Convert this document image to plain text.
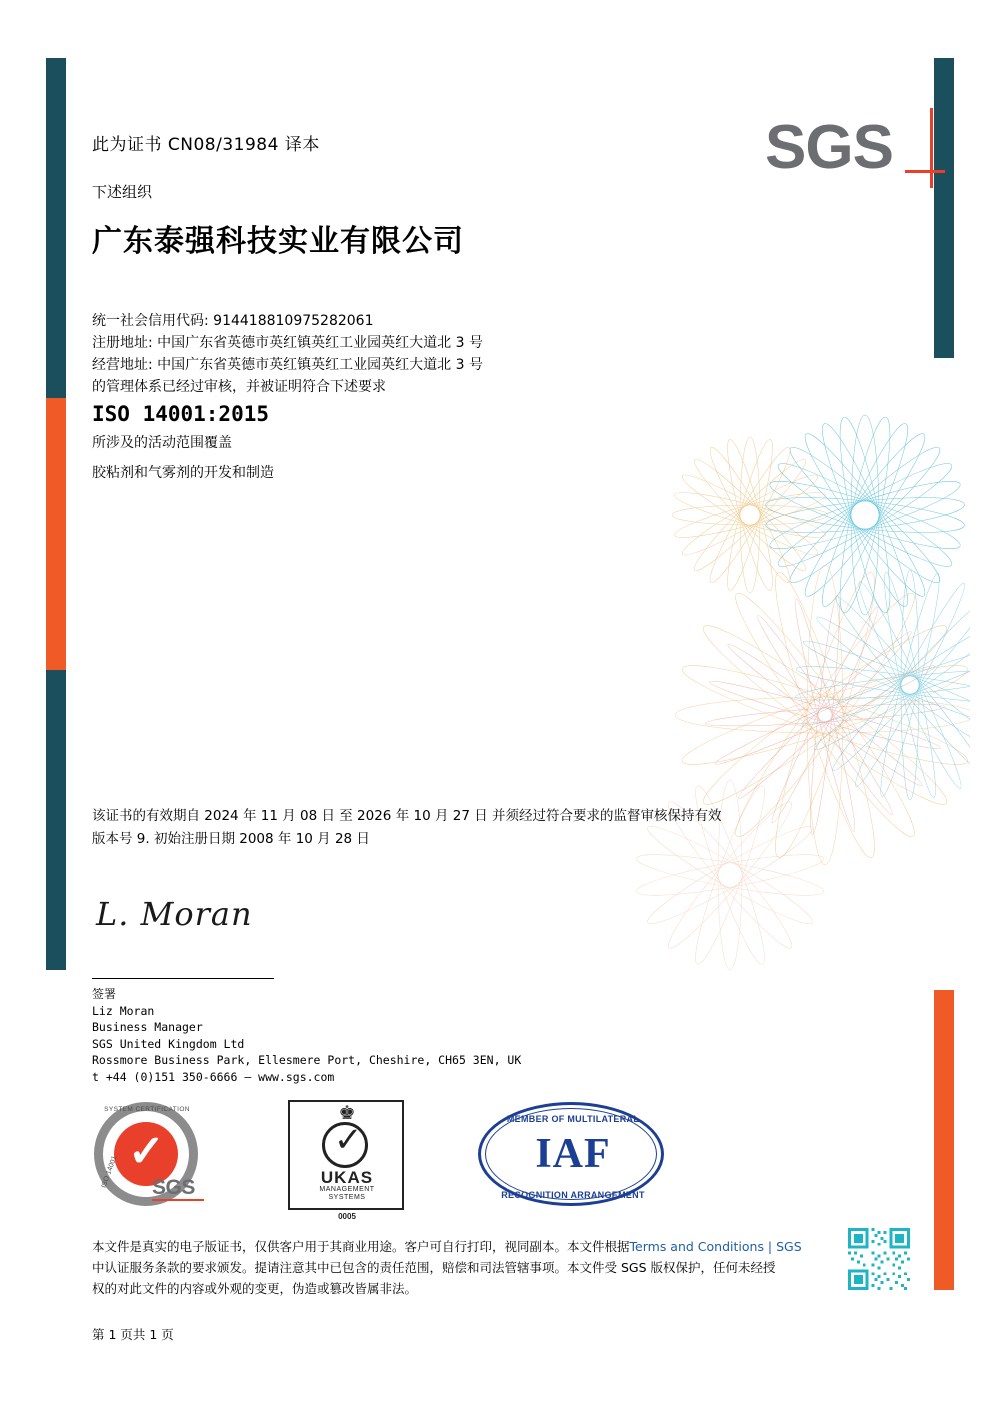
SGS
此为证书 CN08/31984 译本
下述组织
广东泰强科技实业有限公司
统一社会信用代码: 914418810975282061
注册地址: 中国广东省英德市英红镇英红工业园英红大道北 3 号
经营地址: 中国广东省英德市英红镇英红工业园英红大道北 3 号
的管理体系已经过审核，并被证明符合下述要求
ISO 14001:2015
所涉及的活动范围覆盖
胶粘剂和气雾剂的开发和制造
该证书的有效期自 2024 年 11 月 08 日 至 2026 年 10 月 27 日 并须经过符合要求的监督审核保持有效
版本号 9. 初始注册日期 2008 年 10 月 28 日
L. Moran
签署
Liz Moran
Business Manager
SGS United Kingdom Ltd
Rossmore Business Park, Ellesmere Port, Cheshire, CH65 3EN, UK
t +44 (0)151 350-6666 – www.sgs.com
✓
SYSTEM CERTIFICATION
ISO 14001	SGS
♚
✓
UKAS
MANAGEMENT
SYSTEMS
0005
MEMBER OF MULTILATERAL
IAF
RECOGNITION ARRANGEMENT
本文件是真实的电子版证书，仅供客户用于其商业用途。客户可自行打印，视同副本。本文件根据Terms and Conditions | SGS
中认证服务条款的要求颁发。提请注意其中已包含的责任范围，赔偿和司法管辖事项。本文件受 SGS 版权保护，任何未经授
权的对此文件的内容或外观的变更，伪造或篡改皆属非法。
第 1 页共 1 页
